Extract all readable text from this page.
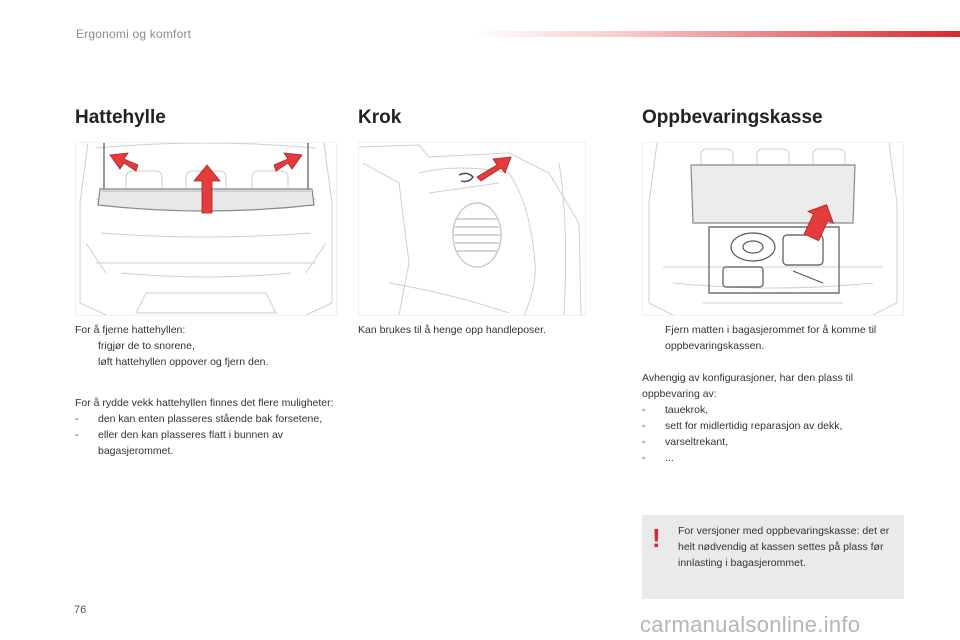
Ergonomi og komfort
Hattehylle

For å fjerne hattehyllen:

frigjør de to snorene,

løft hattehyllen oppover og fjern den.

For å rydde vekk hattehyllen finnes det flere muligheter:

- den kan enten plasseres stående bak forsetene,

- eller den kan plasseres flatt i bunnen av bagasjerommet.

Krok
Kan brukes til å henge opp handleposer.
Oppbevaringskasse

Fjern matten i bagasjerommet for å komme til oppbevaringskassen.

Avhengig av konfigurasjoner, har den plass til oppbevaring av:

- tauekrok,

- sett for midlertidig reparasjon av dekk,

- varseltrekant,

- ...

! For versjoner med oppbevaringskasse: det er helt nødvendig at kassen settes på plass før innlasting i bagasjerommet.
76
carmanualsonline.info
